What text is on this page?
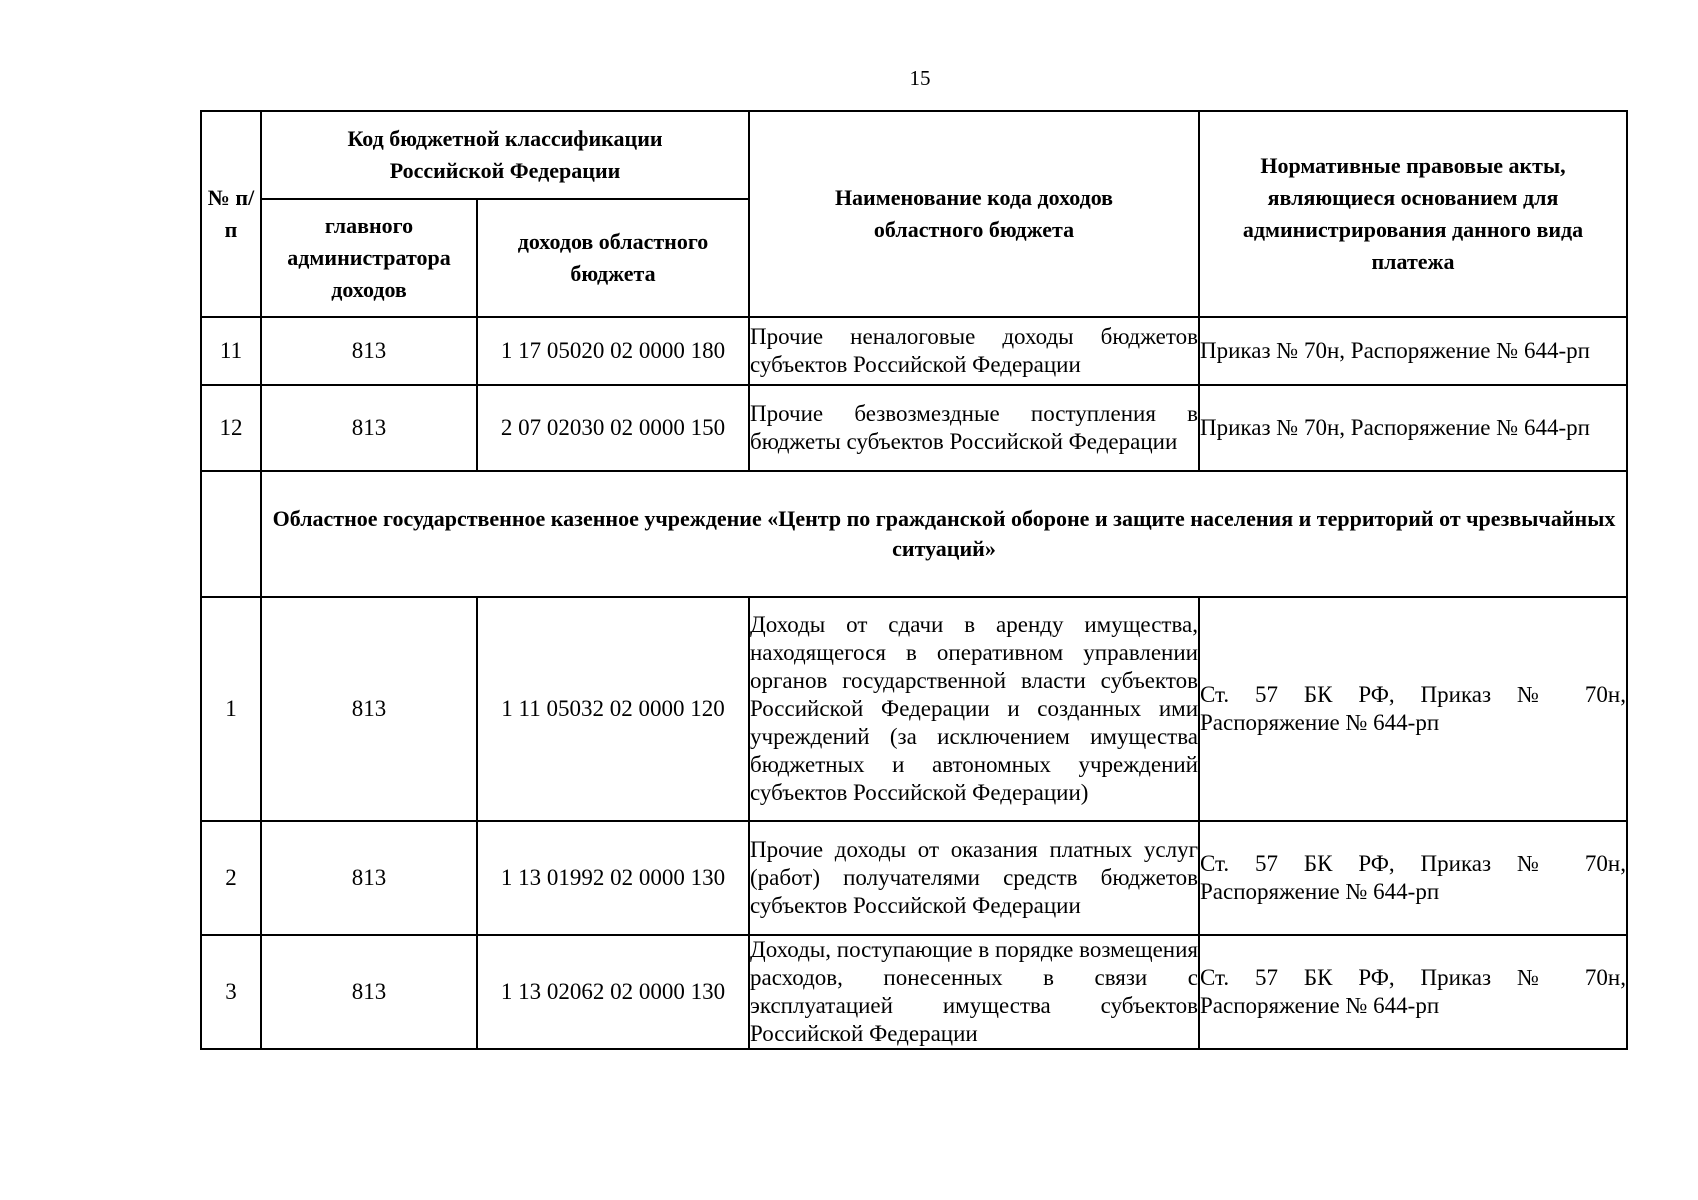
15
№ п/п	Код бюджетной классификации Российской Федерации		Наименование кода доходов областного бюджета	Нормативные правовые акты, являющиеся основанием для администрирования данного вида платежа
	главного администратора доходов	доходов областного бюджета		
11	813	1 17 05020 02 0000 180	Прочие неналоговые доходы бюджетов субъектов Российской Федерации	Приказ № 70н, Распоряжение № 644-рп
12	813	2 07 02030 02 0000 150	Прочие безвозмездные поступления в бюджеты субъектов Российской Федерации	Приказ № 70н, Распоряжение № 644-рп
	Областное государственное казенное учреждение «Центр по гражданской обороне и защите населения и территорий от чрезвычайных ситуаций»			
1	813	1 11 05032 02 0000 120	Доходы от сдачи в аренду имущества, находящегося в оперативном управлении органов государственной власти субъектов Российской Федерации и созданных ими учреждений (за исключением имущества бюджетных и автономных учреждений субъектов Российской Федерации)	Ст. 57 БК РФ, Приказ № 70н, Распоряжение № 644-рп
2	813	1 13 01992 02 0000 130	Прочие доходы от оказания платных услуг (работ) получателями средств бюджетов субъектов Российской Федерации	Ст. 57 БК РФ, Приказ № 70н, Распоряжение № 644-рп
3	813	1 13 02062 02 0000 130	Доходы, поступающие в порядке возмещения расходов, понесенных в связи с эксплуатацией имущества субъектов Российской Федерации	Ст. 57 БК РФ, Приказ № 70н, Распоряжение № 644-рп
